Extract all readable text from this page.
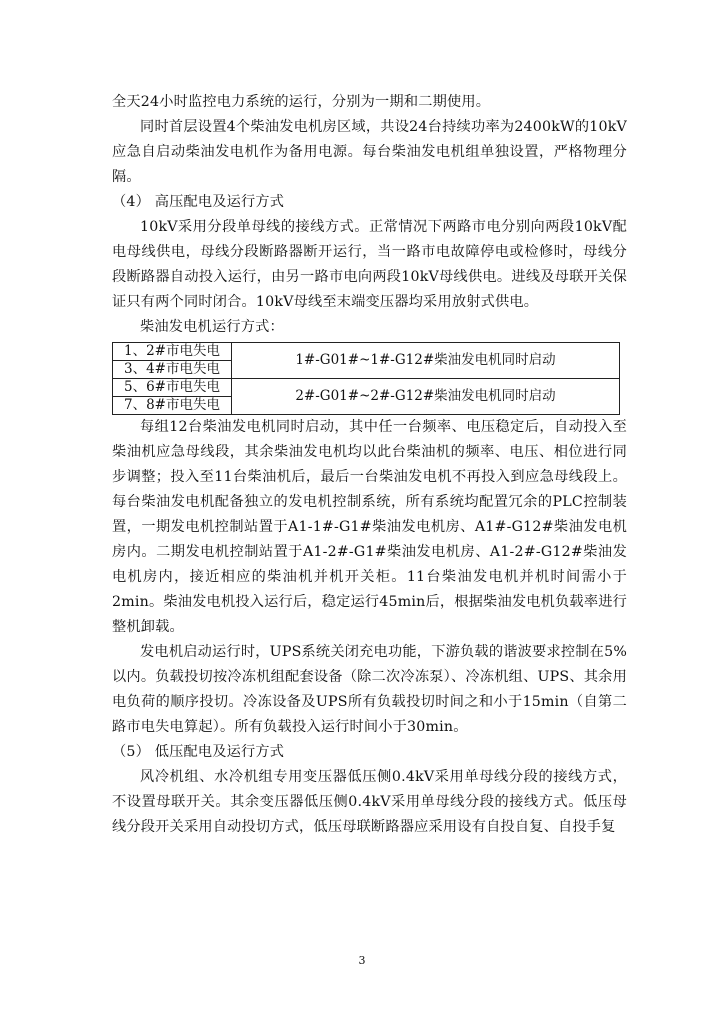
全天24小时监控电力系统的运行，分别为一期和二期使用。

同时首层设置4个柴油发电机房区域，共设24台持续功率为2400kW的10kV应急自启动柴油发电机作为备用电源。每台柴油发电机组单独设置，严格物理分隔。

（4） 高压配电及运行方式

10kV采用分段单母线的接线方式。正常情况下两路市电分别向两段10kV配电母线供电，母线分段断路器断开运行，当一路市电故障停电或检修时，母线分段断路器自动投入运行，由另一路市电向两段10kV母线供电。进线及母联开关保证只有两个同时闭合。10kV母线至末端变压器均采用放射式供电。

柴油发电机运行方式：

1、2#市电失电	1#-G01#~1#-G12#柴油发电机同时启动
3、4#市电失电	
5、6#市电失电	2#-G01#~2#-G12#柴油发电机同时启动
7、8#市电失电	

每组12台柴油发电机同时启动，其中任一台频率、电压稳定后，自动投入至柴油机应急母线段，其余柴油发电机均以此台柴油机的频率、电压、相位进行同步调整；投入至11台柴油机后，最后一台柴油发电机不再投入到应急母线段上。每台柴油发电机配备独立的发电机控制系统，所有系统均配置冗余的PLC控制装置，一期发电机控制站置于A1-1#-G1#柴油发电机房、A1#-G12#柴油发电机房内。二期发电机控制站置于A1-2#-G1#柴油发电机房、A1-2#-G12#柴油发电机房内，接近相应的柴油机并机开关柜。11台柴油发电机并机时间需小于2min。柴油发电机投入运行后，稳定运行45min后，根据柴油发电机负载率进行整机卸载。

发电机启动运行时，UPS系统关闭充电功能，下游负载的谐波要求控制在5%以内。负载投切按冷冻机组配套设备（除二次冷冻泵）、冷冻机组、UPS、其余用电负荷的顺序投切。冷冻设备及UPS所有负载投切时间之和小于15min（自第二路市电失电算起）。所有负载投入运行时间小于30min。

（5） 低压配电及运行方式

风冷机组、水冷机组专用变压器低压侧0.4kV采用单母线分段的接线方式，不设置母联开关。其余变压器低压侧0.4kV采用单母线分段的接线方式。低压母线分段开关采用自动投切方式，低压母联断路器应采用设有自投自复、自投手复

3
